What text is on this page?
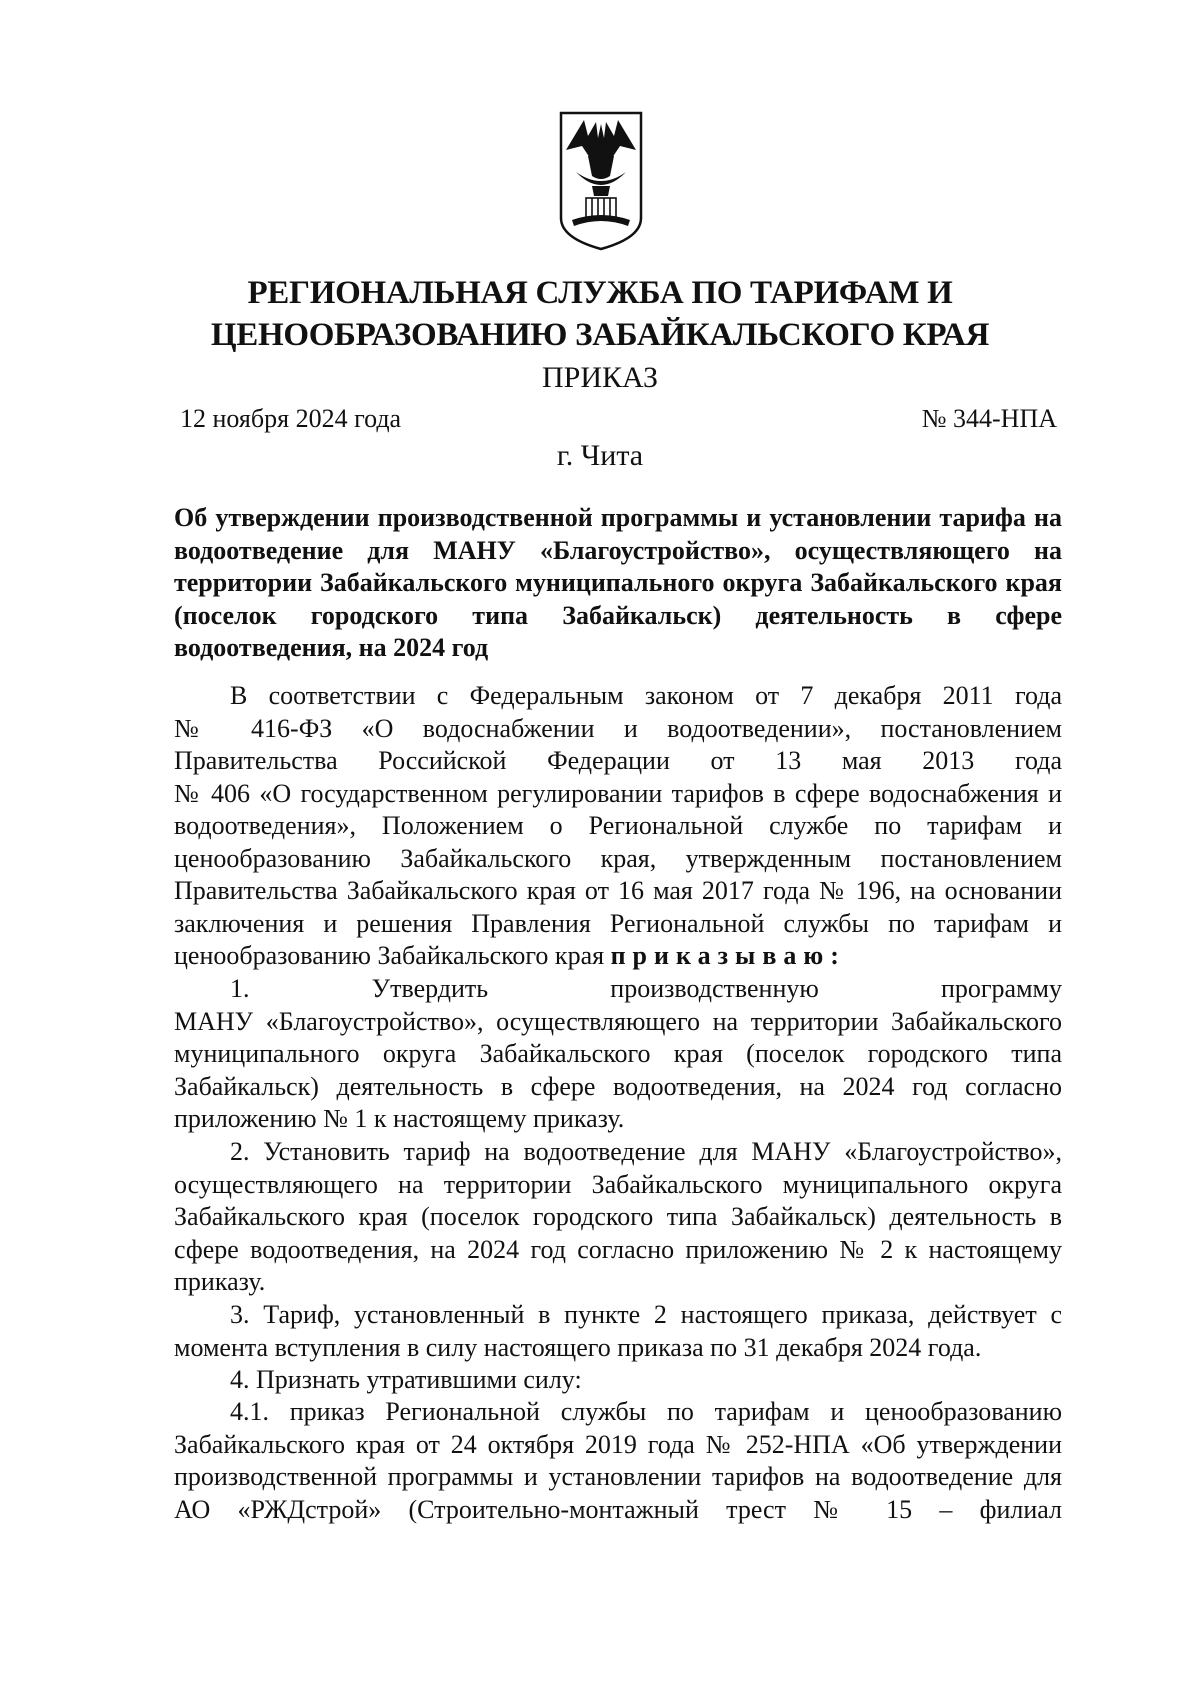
РЕГИОНАЛЬНАЯ СЛУЖБА ПО ТАРИФАМ И
ЦЕНООБРАЗОВАНИЮ ЗАБАЙКАЛЬСКОГО КРАЯ
ПРИКАЗ
12 ноября 2024 года	№ 344-НПА
г. Чита
Об утверждении производственной программы и установлении тарифа на
водоотведение для МАНУ «Благоустройство», осуществляющего на
территории Забайкальского муниципального округа Забайкальского края
(поселок городского типа Забайкальск) деятельность в сфере
водоотведения, на 2024 год
В соответствии с Федеральным законом от 7 декабря 2011 года
№ 416-ФЗ «О водоснабжении и водоотведении», постановлением
Правительства Российской Федерации от 13 мая 2013 года
№ 406 «О государственном регулировании тарифов в сфере водоснабжения и
водоотведения», Положением о Региональной службе по тарифам и
ценообразованию Забайкальского края, утвержденным постановлением
Правительства Забайкальского края от 16 мая 2017 года № 196, на основании
заключения и решения Правления Региональной службы по тарифам и
ценообразованию Забайкальского края приказываю:
1. Утвердить производственную программу
МАНУ «Благоустройство», осуществляющего на территории Забайкальского
муниципального округа Забайкальского края (поселок городского типа
Забайкальск) деятельность в сфере водоотведения, на 2024 год согласно
приложению № 1 к настоящему приказу.
2. Установить тариф на водоотведение для МАНУ «Благоустройство»,
осуществляющего на территории Забайкальского муниципального округа
Забайкальского края (поселок городского типа Забайкальск) деятельность в
сфере водоотведения, на 2024 год согласно приложению № 2 к настоящему
приказу.
3. Тариф, установленный в пункте 2 настоящего приказа, действует с
момента вступления в силу настоящего приказа по 31 декабря 2024 года.
4. Признать утратившими силу:
4.1. приказ Региональной службы по тарифам и ценообразованию
Забайкальского края от 24 октября 2019 года № 252-НПА «Об утверждении
производственной программы и установлении тарифов на водоотведение для
АО «РЖДстрой» (Строительно-монтажный трест № 15 – филиал
